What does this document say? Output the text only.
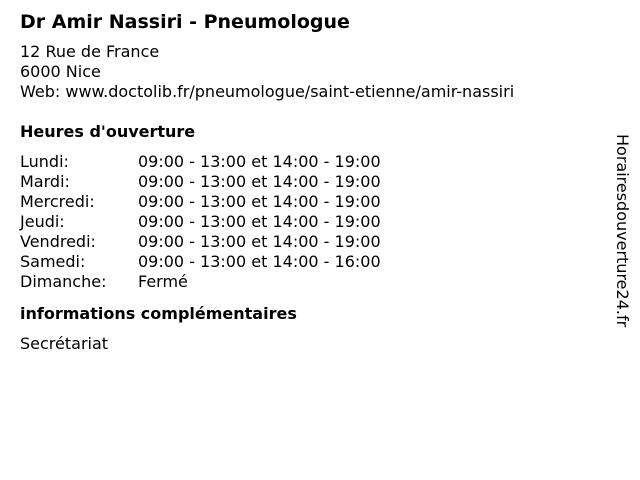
Dr Amir Nassiri - Pneumologue
12 Rue de France
6000 Nice
Web: www.doctolib.fr/pneumologue/saint-etienne/amir-nassiri
Heures d'ouverture
Lundi:	09:00 - 13:00 et 14:00 - 19:00
Mardi:	09:00 - 13:00 et 14:00 - 19:00
Mercredi:	09:00 - 13:00 et 14:00 - 19:00
Jeudi:	09:00 - 13:00 et 14:00 - 19:00
Vendredi:	09:00 - 13:00 et 14:00 - 19:00
Samedi:	09:00 - 13:00 et 14:00 - 16:00
Dimanche:	Fermé
informations complémentaires
Secrétariat
Horairesdouverture24.fr
